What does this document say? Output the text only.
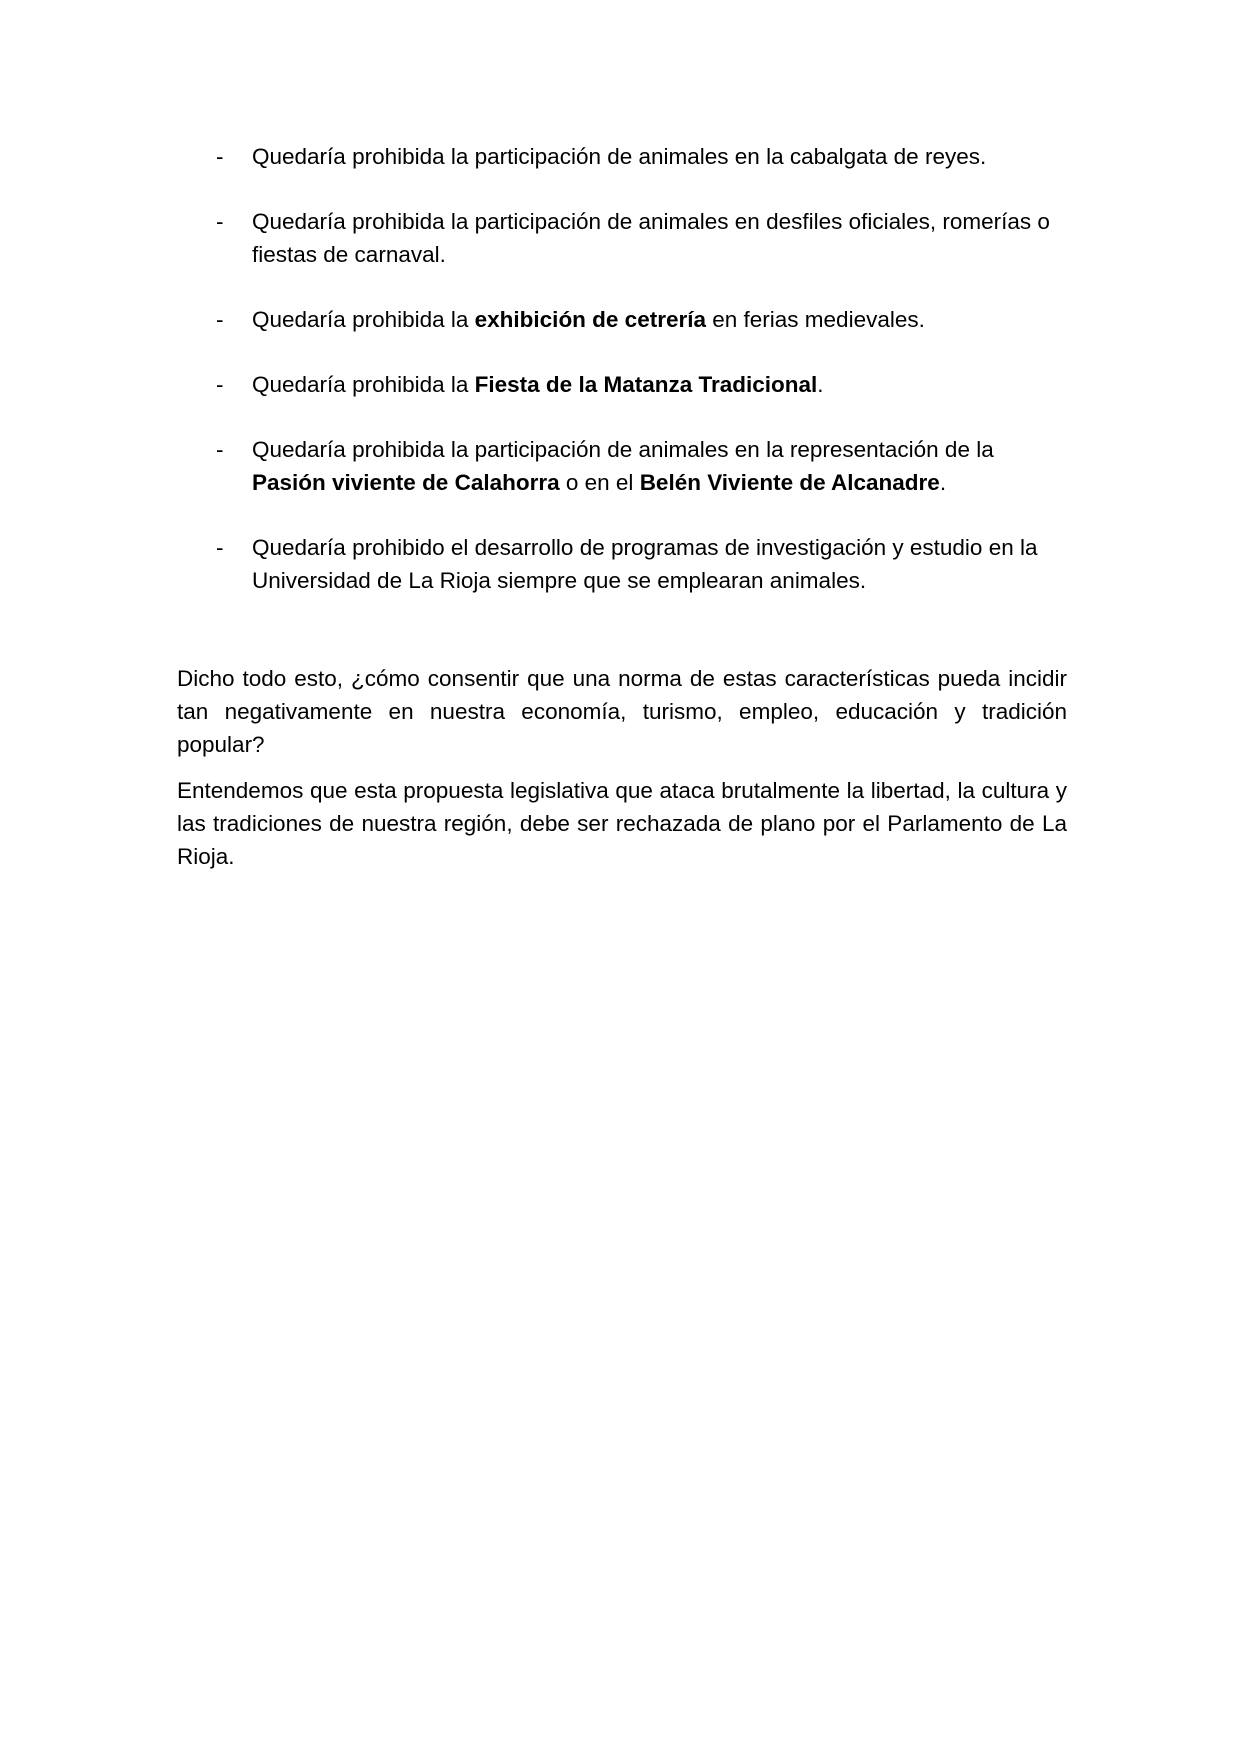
- Quedaría prohibida la participación de animales en la cabalgata de reyes.
- Quedaría prohibida la participación de animales en desfiles oficiales, romerías o fiestas de carnaval.
- Quedaría prohibida la exhibición de cetrería en ferias medievales.
- Quedaría prohibida la Fiesta de la Matanza Tradicional.
- Quedaría prohibida la participación de animales en la representación de la Pasión viviente de Calahorra o en el Belén Viviente de Alcanadre.
- Quedaría prohibido el desarrollo de programas de investigación y estudio en la Universidad de La Rioja siempre que se emplearan animales.

Dicho todo esto, ¿cómo consentir que una norma de estas características pueda incidir tan negativamente en nuestra economía, turismo, empleo, educación y tradición popular?

Entendemos que esta propuesta legislativa que ataca brutalmente la libertad, la cultura y las tradiciones de nuestra región, debe ser rechazada de plano por el Parlamento de La Rioja.
